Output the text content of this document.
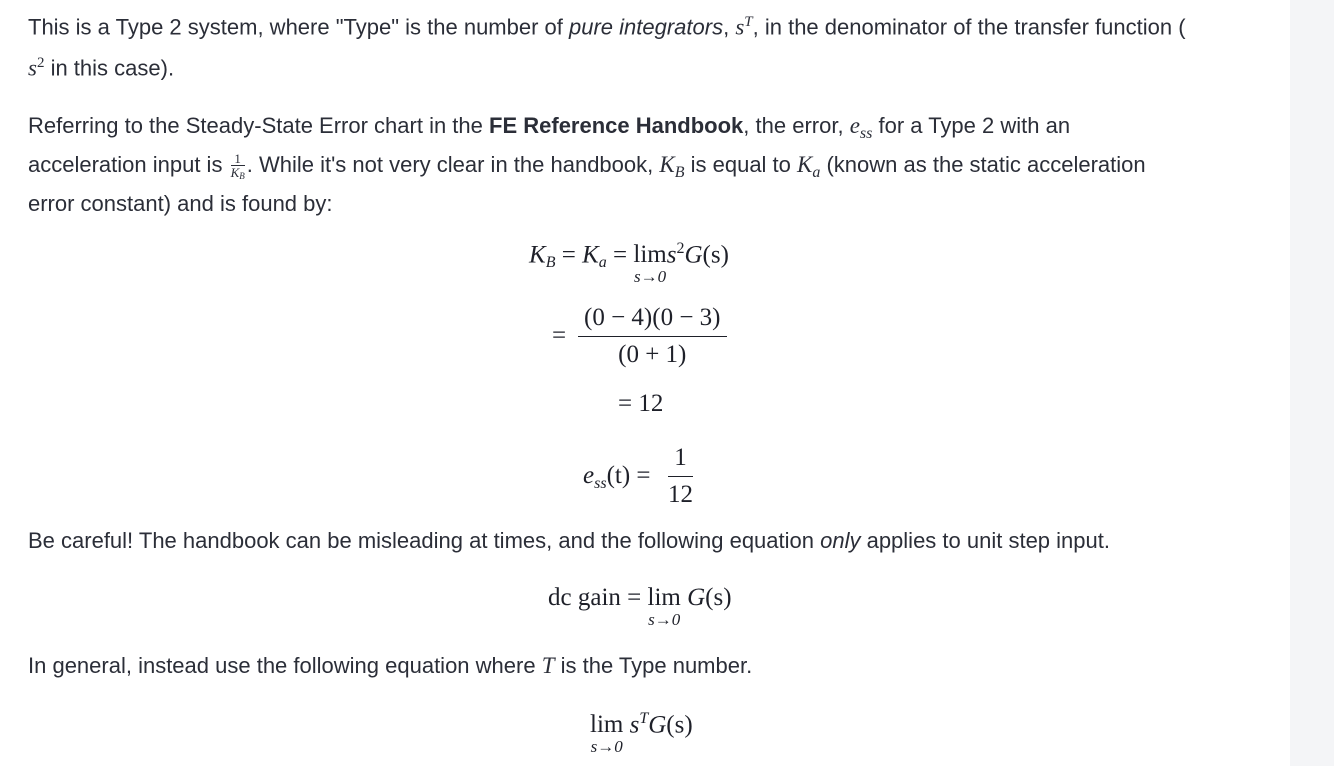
This is a Type 2 system, where "Type" is the number of pure integrators, $s^T$, in the denominator of the transfer function (
$s^2$ in this case).
Referring to the Steady-State Error chart in the FE Reference Handbook, the error, $e_{ss}$ for a Type 2 with an
acceleration input is $\frac{1}{KB}$ . While it's not very clear in the handbook, $K_B$ is equal to $K_a$ (known as the static acceleration
error constant) and is found by:
$K_B = K_a = \lim$
s→0
$s^2G(s)$
= $\frac{(0 - 4)(0 - 3)}{(0 + 1)}$
= 12
$e_{ss}(t) = \frac{1}{12}$
Be careful! The handbook can be misleading at times, and the following equation only applies to unit step input.
dc gain = lim
s→0
G(s)
In general, instead use the following equation where T is the Type number.
lim
s→0
$s^TG(s)$
